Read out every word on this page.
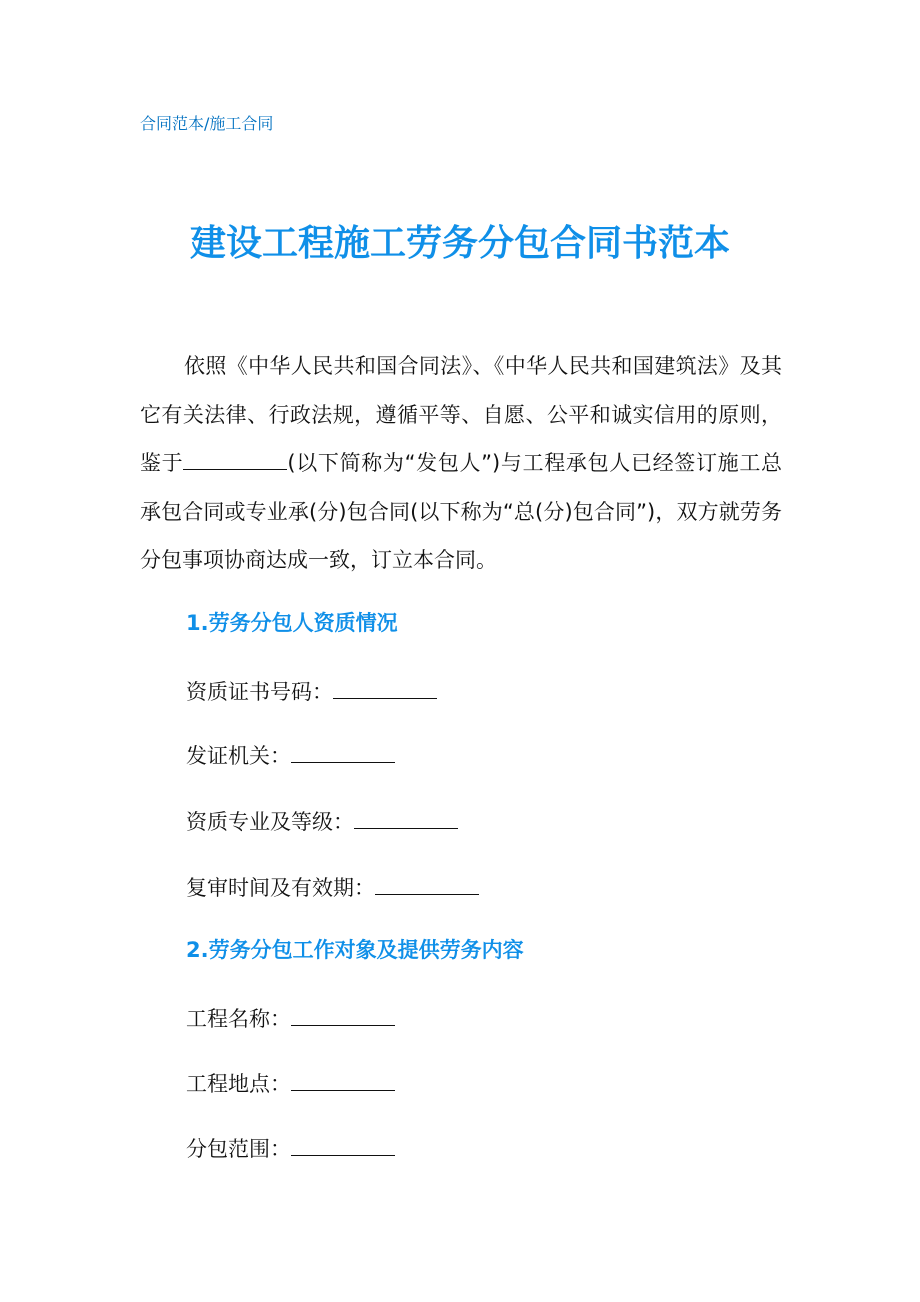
合同范本/施工合同
建设工程施工劳务分包合同书范本

依照《中华人民共和国合同法》、《中华人民共和国建筑法》及其它有关法律、行政法规，遵循平等、自愿、公平和诚实信用的原则，鉴于	(以下简称为“发包人”)与工程承包人已经签订施工总承包合同或专业承(分)包合同(以下称为“总(分)包合同”)，双方就劳务分包事项协商达成一致，订立本合同。

1.劳务分包人资质情况
资质证书号码：
发证机关：
资质专业及等级：
复审时间及有效期：
2.劳务分包工作对象及提供劳务内容
工程名称：
工程地点：
分包范围：
